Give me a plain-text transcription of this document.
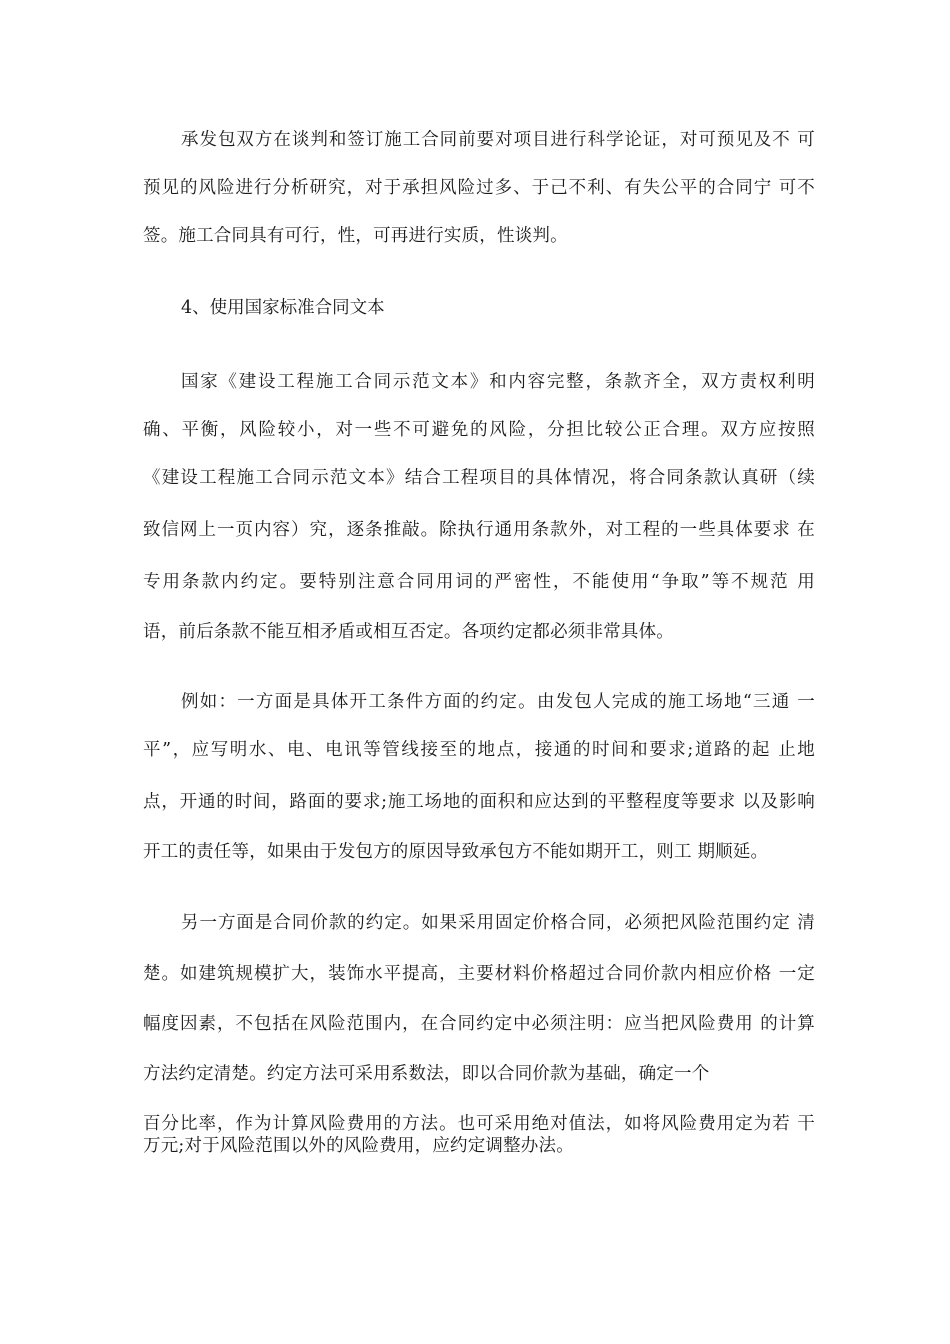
承发包双方在谈判和签订施工合同前要对项目进行科学论证，对可预见及不 可
预见的风险进行分析研究，对于承担风险过多、于己不利、有失公平的合同宁 可不
签。施工合同具有可行，性，可再进行实质，性谈判。
4、使用国家标准合同文本
国家《建设工程施工合同示范文本》和内容完整，条款齐全，双方责权利明
确、平衡，风险较小，对一些不可避免的风险，分担比较公正合理。双方应按照
《建设工程施工合同示范文本》结合工程项目的具体情况，将合同条款认真研（续
致信网上一页内容）究，逐条推敲。除执行通用条款外，对工程的一些具体要求 在
专用条款内约定。要特别注意合同用词的严密性，不能使用“争取”等不规范 用
语，前后条款不能互相矛盾或相互否定。各项约定都必须非常具体。
例如：一方面是具体开工条件方面的约定。由发包人完成的施工场地“三通 一
平”，应写明水、电、电讯等管线接至的地点，接通的时间和要求;道路的起 止地
点，开通的时间，路面的要求;施工场地的面积和应达到的平整程度等要求 以及影响
开工的责任等，如果由于发包方的原因导致承包方不能如期开工，则工 期顺延。
另一方面是合同价款的约定。如果采用固定价格合同，必须把风险范围约定 清
楚。如建筑规模扩大，装饰水平提高，主要材料价格超过合同价款内相应价格 一定
幅度因素，不包括在风险范围内，在合同约定中必须注明：应当把风险费用 的计算
方法约定清楚。约定方法可采用系数法，即以合同价款为基础，确定一个
百分比率，作为计算风险费用的方法。也可采用绝对值法，如将风险费用定为若 干
万元;对于风险范围以外的风险费用，应约定调整办法。
